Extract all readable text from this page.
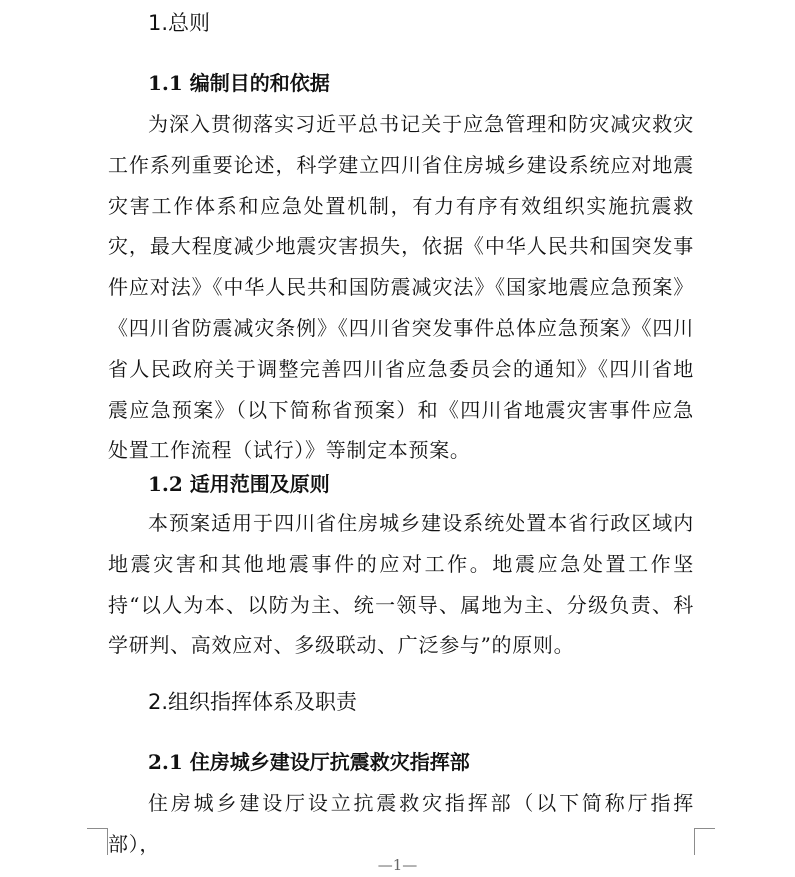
1.总则
1.1 编制目的和依据

为深入贯彻落实习近平总书记关于应急管理和防灾减灾救灾工作系列重要论述，科学建立四川省住房城乡建设系统应对地震灾害工作体系和应急处置机制，有力有序有效组织实施抗震救灾，最大程度减少地震灾害损失，依据《中华人民共和国突发事件应对法》《中华人民共和国防震减灾法》《国家地震应急预案》《四川省防震减灾条例》《四川省突发事件总体应急预案》《四川省人民政府关于调整完善四川省应急委员会的通知》《四川省地震应急预案》（以下简称省预案）和《四川省地震灾害事件应急处置工作流程（试行）》等制定本预案。

1.2 适用范围及原则

本预案适用于四川省住房城乡建设系统处置本省行政区域内地震灾害和其他地震事件的应对工作。地震应急处置工作坚持“以人为本、以防为主、统一领导、属地为主、分级负责、科学研判、高效应对、多级联动、广泛参与”的原则。

2.组织指挥体系及职责
2.1 住房城乡建设厅抗震救灾指挥部

住房城乡建设厅设立抗震救灾指挥部（以下简称厅指挥部），

—1—
